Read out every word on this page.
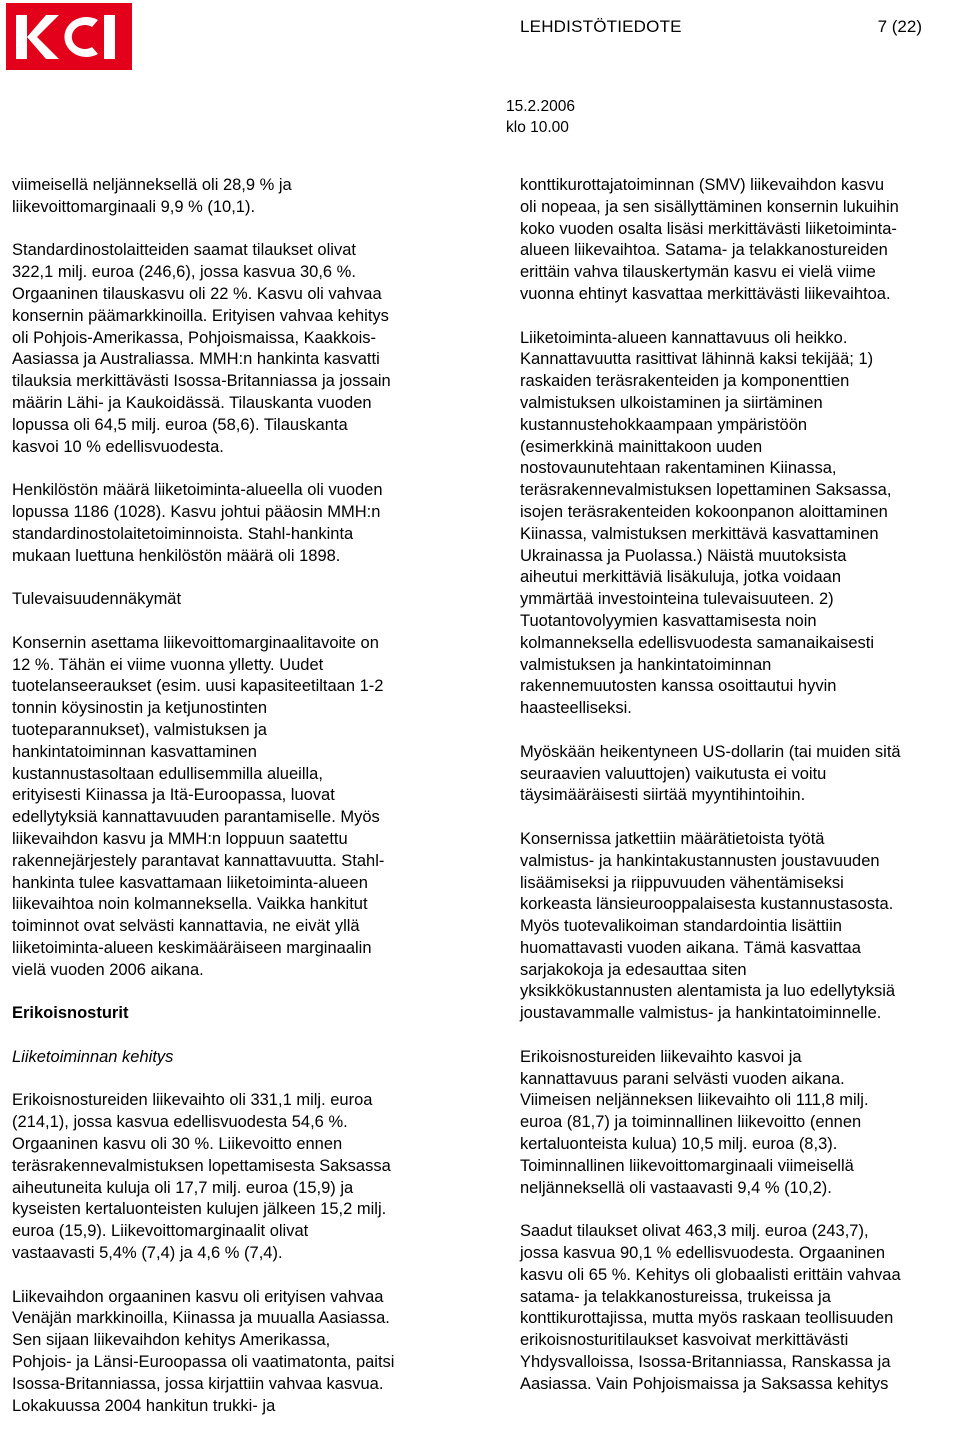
LEHDISTÖTIEDOTE	7 (22)
15.2.2006
klo 10.00

viimeisellä neljänneksellä oli 28,9 % ja
liikevoittomarginaali 9,9 % (10,1).

Standardinostolaitteiden saamat tilaukset olivat
322,1 milj. euroa (246,6), jossa kasvua 30,6 %.
Orgaaninen tilauskasvu oli 22 %. Kasvu oli vahvaa
konsernin päämarkkinoilla. Erityisen vahvaa kehitys
oli Pohjois-Amerikassa, Pohjoismaissa, Kaakkois-
Aasiassa ja Australiassa. MMH:n hankinta kasvatti
tilauksia merkittävästi Isossa-Britanniassa ja jossain
määrin Lähi- ja Kaukoidässä. Tilauskanta vuoden
lopussa oli 64,5 milj. euroa (58,6). Tilauskanta
kasvoi 10 % edellisvuodesta.

Henkilöstön määrä liiketoiminta-alueella oli vuoden
lopussa 1186 (1028). Kasvu johtui pääosin MMH:n
standardinostolaitetoiminnoista. Stahl-hankinta
mukaan luettuna henkilöstön määrä oli 1898.

Tulevaisuudennäkymät

Konsernin asettama liikevoittomarginaalitavoite on
12 %. Tähän ei viime vuonna ylletty. Uudet
tuotelanseeraukset (esim. uusi kapasiteetiltaan 1-2
tonnin köysinostin ja ketjunostinten
tuoteparannukset), valmistuksen ja
hankintatoiminnan kasvattaminen
kustannustasoltaan edullisemmilla alueilla,
erityisesti Kiinassa ja Itä-Euroopassa, luovat
edellytyksiä kannattavuuden parantamiselle. Myös
liikevaihdon kasvu ja MMH:n loppuun saatettu
rakennejärjestely parantavat kannattavuutta. Stahl-
hankinta tulee kasvattamaan liiketoiminta-alueen
liikevaihtoa noin kolmanneksella. Vaikka hankitut
toiminnot ovat selvästi kannattavia, ne eivät yllä
liiketoiminta-alueen keskimääräiseen marginaalin
vielä vuoden 2006 aikana.

Erikoisnosturit

Liiketoiminnan kehitys

Erikoisnostureiden liikevaihto oli 331,1 milj. euroa
(214,1), jossa kasvua edellisvuodesta 54,6 %.
Orgaaninen kasvu oli 30 %. Liikevoitto ennen
teräsrakennevalmistuksen lopettamisesta Saksassa
aiheutuneita kuluja oli 17,7 milj. euroa (15,9) ja
kyseisten kertaluonteisten kulujen jälkeen 15,2 milj.
euroa (15,9). Liikevoittomarginaalit olivat
vastaavasti 5,4% (7,4) ja 4,6 % (7,4).

Liikevaihdon orgaaninen kasvu oli erityisen vahvaa
Venäjän markkinoilla, Kiinassa ja muualla Aasiassa.
Sen sijaan liikevaihdon kehitys Amerikassa,
Pohjois- ja Länsi-Euroopassa oli vaatimatonta, paitsi
Isossa-Britanniassa, jossa kirjattiin vahvaa kasvua.
Lokakuussa 2004 hankitun trukki- ja

konttikurottajatoiminnan (SMV) liikevaihdon kasvu
oli nopeaa, ja sen sisällyttäminen konsernin lukuihin
koko vuoden osalta lisäsi merkittävästi liiketoiminta-
alueen liikevaihtoa. Satama- ja telakkanostureiden
erittäin vahva tilauskertymän kasvu ei vielä viime
vuonna ehtinyt kasvattaa merkittävästi liikevaihtoa.

Liiketoiminta-alueen kannattavuus oli heikko.
Kannattavuutta rasittivat lähinnä kaksi tekijää; 1)
raskaiden teräsrakenteiden ja komponenttien
valmistuksen ulkoistaminen ja siirtäminen
kustannustehokkaampaan ympäristöön
(esimerkkinä mainittakoon uuden
nostovaunutehtaan rakentaminen Kiinassa,
teräsrakennevalmistuksen lopettaminen Saksassa,
isojen teräsrakenteiden kokoonpanon aloittaminen
Kiinassa, valmistuksen merkittävä kasvattaminen
Ukrainassa ja Puolassa.) Näistä muutoksista
aiheutui merkittäviä lisäkuluja, jotka voidaan
ymmärtää investointeina tulevaisuuteen. 2)
Tuotantovolyymien kasvattamisesta noin
kolmanneksella edellisvuodesta samanaikaisesti
valmistuksen ja hankintatoiminnan
rakennemuutosten kanssa osoittautui hyvin
haasteelliseksi.

Myöskään heikentyneen US-dollarin (tai muiden sitä
seuraavien valuuttojen) vaikutusta ei voitu
täysimääräisesti siirtää myyntihintoihin.

Konsernissa jatkettiin määrätietoista työtä
valmistus- ja hankintakustannusten joustavuuden
lisäämiseksi ja riippuvuuden vähentämiseksi
korkeasta länsieurooppalaisesta kustannustasosta.
Myös tuotevalikoiman standardointia lisättiin
huomattavasti vuoden aikana. Tämä kasvattaa
sarjakokoja ja edesauttaa siten
yksikkökustannusten alentamista ja luo edellytyksiä
joustavammalle valmistus- ja hankintatoiminnelle.

Erikoisnostureiden liikevaihto kasvoi ja
kannattavuus parani selvästi vuoden aikana.
Viimeisen neljänneksen liikevaihto oli 111,8 milj.
euroa (81,7) ja toiminnallinen liikevoitto (ennen
kertaluonteista kulua) 10,5 milj. euroa (8,3).
Toiminnallinen liikevoittomarginaali viimeisellä
neljänneksellä oli vastaavasti 9,4 % (10,2).

Saadut tilaukset olivat 463,3 milj. euroa (243,7),
jossa kasvua 90,1 % edellisvuodesta. Orgaaninen
kasvu oli 65 %. Kehitys oli globaalisti erittäin vahvaa
satama- ja telakkanostureissa, trukeissa ja
konttikurottajissa, mutta myös raskaan teollisuuden
erikoisnosturitilaukset kasvoivat merkittävästi
Yhdysvalloissa, Isossa-Britanniassa, Ranskassa ja
Aasiassa. Vain Pohjoismaissa ja Saksassa kehitys
